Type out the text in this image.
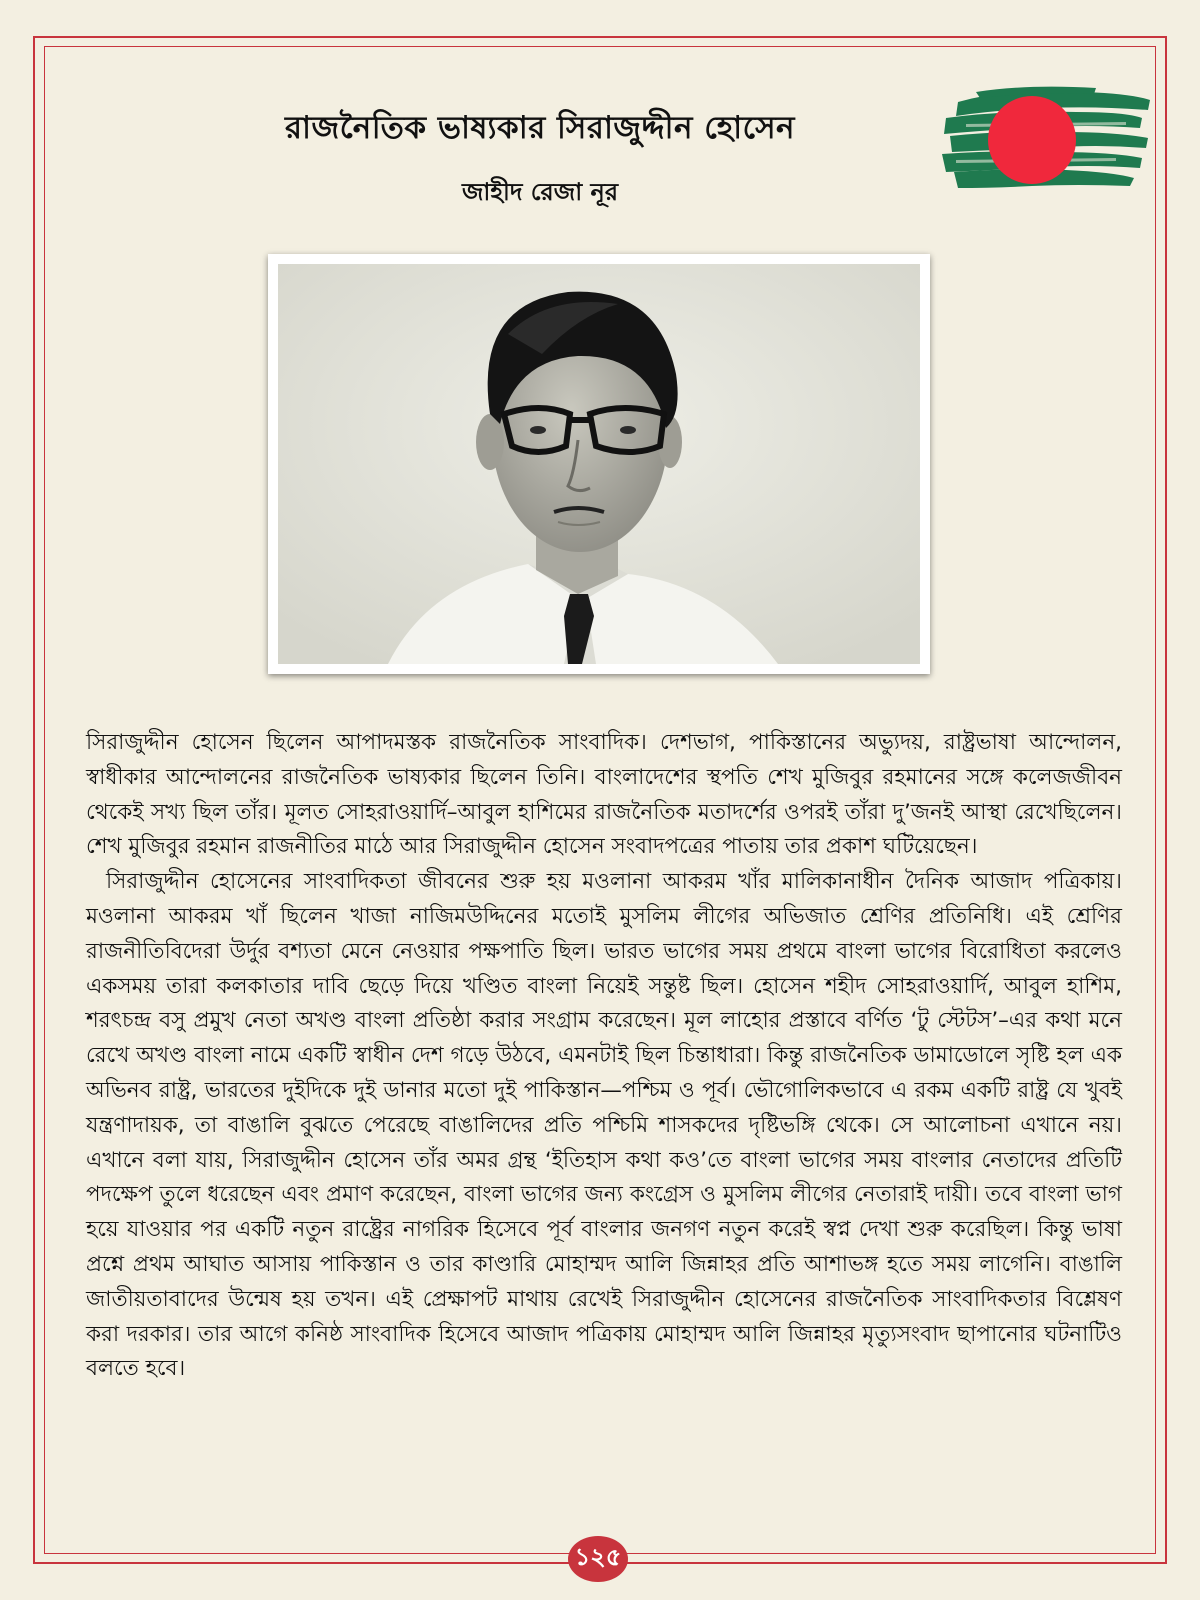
রাজনৈতিক ভাষ্যকার সিরাজুদ্দীন হোসেন
জাহীদ রেজা নূর

সিরাজুদ্দীন হোসেন ছিলেন আপাদমস্তক রাজনৈতিক সাংবাদিক। দেশভাগ, পাকিস্তানের অভ্যুদয়, রাষ্ট্রভাষা আন্দোলন, স্বাধীকার আন্দোলনের রাজনৈতিক ভাষ্যকার ছিলেন তিনি। বাংলাদেশের স্থপতি শেখ মুজিবুর রহমানের সঙ্গে কলেজজীবন থেকেই সখ্য ছিল তাঁর। মূলত সোহরাওয়ার্দি–আবুল হাশিমের রাজনৈতিক মতাদর্শের ওপরই তাঁরা দু’জনই আস্থা রেখেছিলেন। শেখ মুজিবুর রহমান রাজনীতির মাঠে আর সিরাজুদ্দীন হোসেন সংবাদপত্রের পাতায় তার প্রকাশ ঘটিয়েছেন।

সিরাজুদ্দীন হোসেনের সাংবাদিকতা জীবনের শুরু হয় মওলানা আকরম খাঁর মালিকানাধীন দৈনিক আজাদ পত্রিকায়। মওলানা আকরম খাঁ ছিলেন খাজা নাজিমউদ্দিনের মতোই মুসলিম লীগের অভিজাত শ্রেণির প্রতিনিধি। এই শ্রেণির রাজনীতিবিদেরা উর্দুর বশ্যতা মেনে নেওয়ার পক্ষপাতি ছিল। ভারত ভাগের সময় প্রথমে বাংলা ভাগের বিরোধিতা করলেও একসময় তারা কলকাতার দাবি ছেড়ে দিয়ে খণ্ডিত বাংলা নিয়েই সন্তুষ্ট ছিল। হোসেন শহীদ সোহরাওয়ার্দি, আবুল হাশিম, শরৎচন্দ্র বসু প্রমুখ নেতা অখণ্ড বাংলা প্রতিষ্ঠা করার সংগ্রাম করেছেন। মূল লাহোর প্রস্তাবে বর্ণিত ‘টু স্টেটস’–এর কথা মনে রেখে অখণ্ড বাংলা নামে একটি স্বাধীন দেশ গড়ে উঠবে, এমনটাই ছিল চিন্তাধারা। কিন্তু রাজনৈতিক ডামাডোলে সৃষ্টি হল এক অভিনব রাষ্ট্র, ভারতের দুইদিকে দুই ডানার মতো দুই পাকিস্তান—পশ্চিম ও পূর্ব। ভৌগোলিকভাবে এ রকম একটি রাষ্ট্র যে খুবই যন্ত্রণাদায়ক, তা বাঙালি বুঝতে পেরেছে বাঙালিদের প্রতি পশ্চিমি শাসকদের দৃষ্টিভঙ্গি থেকে। সে আলোচনা এখানে নয়। এখানে বলা যায়, সিরাজুদ্দীন হোসেন তাঁর অমর গ্রন্থ ‘ইতিহাস কথা কও’তে বাংলা ভাগের সময় বাংলার নেতাদের প্রতিটি পদক্ষেপ তুলে ধরেছেন এবং প্রমাণ করেছেন, বাংলা ভাগের জন্য কংগ্রেস ও মুসলিম লীগের নেতারাই দায়ী। তবে বাংলা ভাগ হয়ে যাওয়ার পর একটি নতুন রাষ্ট্রের নাগরিক হিসেবে পূর্ব বাংলার জনগণ নতুন করেই স্বপ্ন দেখা শুরু করেছিল। কিন্তু ভাষা প্রশ্নে প্রথম আঘাত আসায় পাকিস্তান ও তার কাণ্ডারি মোহাম্মদ আলি জিন্নাহর প্রতি আশাভঙ্গ হতে সময় লাগেনি। বাঙালি জাতীয়তাবাদের উন্মেষ হয় তখন। এই প্রেক্ষাপট মাথায় রেখেই সিরাজুদ্দীন হোসেনের রাজনৈতিক সাংবাদিকতার বিশ্লেষণ করা দরকার। তার আগে কনিষ্ঠ সাংবাদিক হিসেবে আজাদ পত্রিকায় মোহাম্মদ আলি জিন্নাহর মৃত্যুসংবাদ ছাপানোর ঘটনাটিও বলতে হবে।

১২৫
